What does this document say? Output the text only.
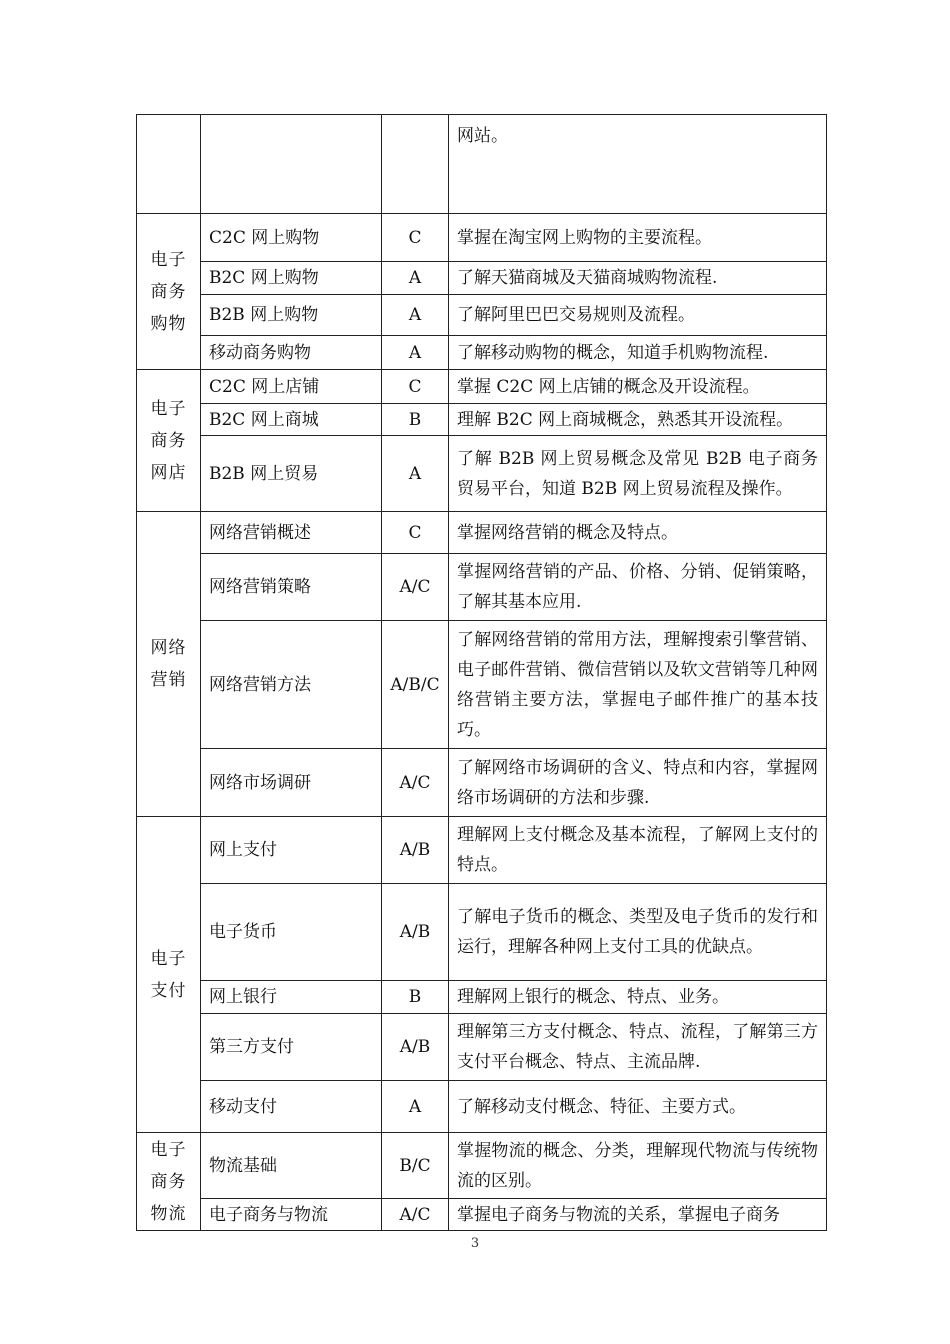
			网站。
电子商务购物	C2C 网上购物	C	掌握在淘宝网上购物的主要流程。
	B2C 网上购物	A	了解天猫商城及天猫商城购物流程.
	B2B 网上购物	A	了解阿里巴巴交易规则及流程。
	移动商务购物	A	了解移动购物的概念，知道手机购物流程.
电子商务网店	C2C 网上店铺	C	掌握 C2C 网上店铺的概念及开设流程。
	B2C 网上商城	B	理解 B2C 网上商城概念，熟悉其开设流程。
	B2B 网上贸易	A	了解 B2B 网上贸易概念及常见 B2B 电子商务贸易平台，知道 B2B 网上贸易流程及操作。
网络营销	网络营销概述	C	掌握网络营销的概念及特点。
	网络营销策略	A/C	掌握网络营销的产品、价格、分销、促销策略，了解其基本应用.
	网络营销方法	A/B/C	了解网络营销的常用方法，理解搜索引擎营销、电子邮件营销、微信营销以及软文营销等几种网络营销主要方法，掌握电子邮件推广的基本技巧。
	网络市场调研	A/C	了解网络市场调研的含义、特点和内容，掌握网络市场调研的方法和步骤.
电子支付	网上支付	A/B	理解网上支付概念及基本流程，了解网上支付的特点。
	电子货币	A/B	了解电子货币的概念、类型及电子货币的发行和运行，理解各种网上支付工具的优缺点。
	网上银行	B	理解网上银行的概念、特点、业务。
	第三方支付	A/B	理解第三方支付概念、特点、流程，了解第三方支付平台概念、特点、主流品牌.
	移动支付	A	了解移动支付概念、特征、主要方式。
电子商务物流	物流基础	B/C	掌握物流的概念、分类，理解现代物流与传统物流的区别。
	电子商务与物流	A/C	掌握电子商务与物流的关系，掌握电子商务
3
